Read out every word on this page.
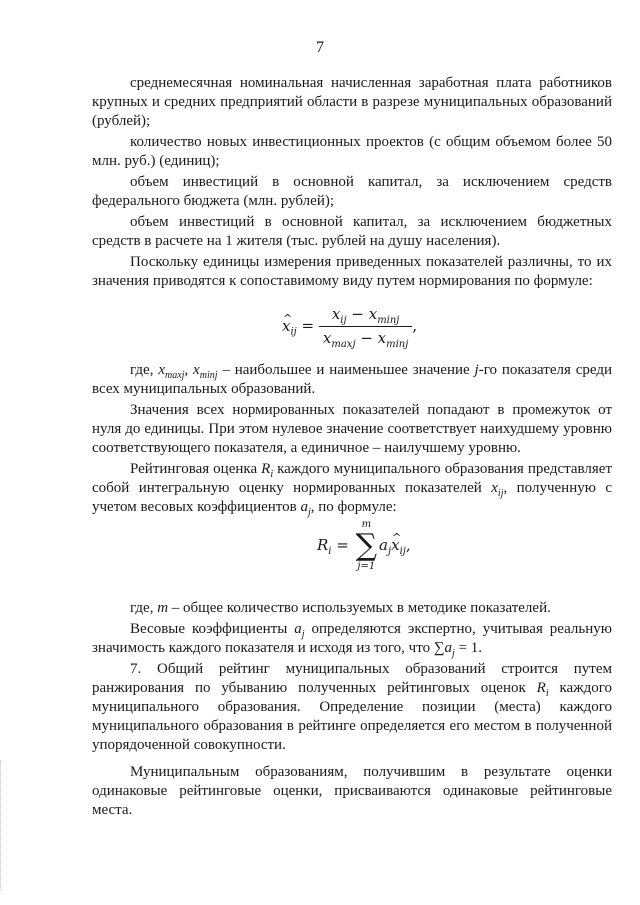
7

среднемесячная номинальная начисленная заработная плата работников крупных и средних предприятий области в разрезе муниципальных образований (рублей);

количество новых инвестиционных проектов (с общим объемом более 50 млн. руб.) (единиц);

объем инвестиций в основной капитал, за исключением средств федерального бюджета (млн. рублей);

объем инвестиций в основной капитал, за исключением бюджетных средств в расчете на 1 жителя (тыс. рублей на душу населения).

Поскольку единицы измерения приведенных показателей различны, то их значения приводятся к сопоставимому виду путем нормирования по формуле:

^ $x_{ij} = \frac{x_{ij} - x_{minj}}{x_{maxj} - x_{minj}}$ ,

где, $x_{maxj}$, $x_{minj}$ – наибольшее и наименьшее значение j-го показателя среди всех муниципальных образований.

Значения всех нормированных показателей попадают в промежуток от нуля до единицы. При этом нулевое значение соответствует наихудшему уровню соответствующего показателя, а единичное – наилучшему уровню.

Рейтинговая оценка $R_i$ каждого муниципального образования представляет собой интегральную оценку нормированных показателей $x_{ij}$, полученную с учетом весовых коэффициентов $a_j$, по формуле:

$R_i$ =
m
∑
j=1
$a_j\^{}$ $x_{ij}$,

где, m – общее количество используемых в методике показателей.

Весовые коэффициенты $a_j$ определяются экспертно, учитывая реальную значимость каждого показателя и исходя из того, что $\sum a_j = 1$.

7. Общий рейтинг муниципальных образований строится путем ранжирования по убыванию полученных рейтинговых оценок $R_i$ каждого муниципального образования. Определение позиции (места) каждого муниципального образования в рейтинге определяется его местом в полученной упорядоченной совокупности.

Муниципальным образованиям, получившим в результате оценки одинаковые рейтинговые оценки, присваиваются одинаковые рейтинговые места.
